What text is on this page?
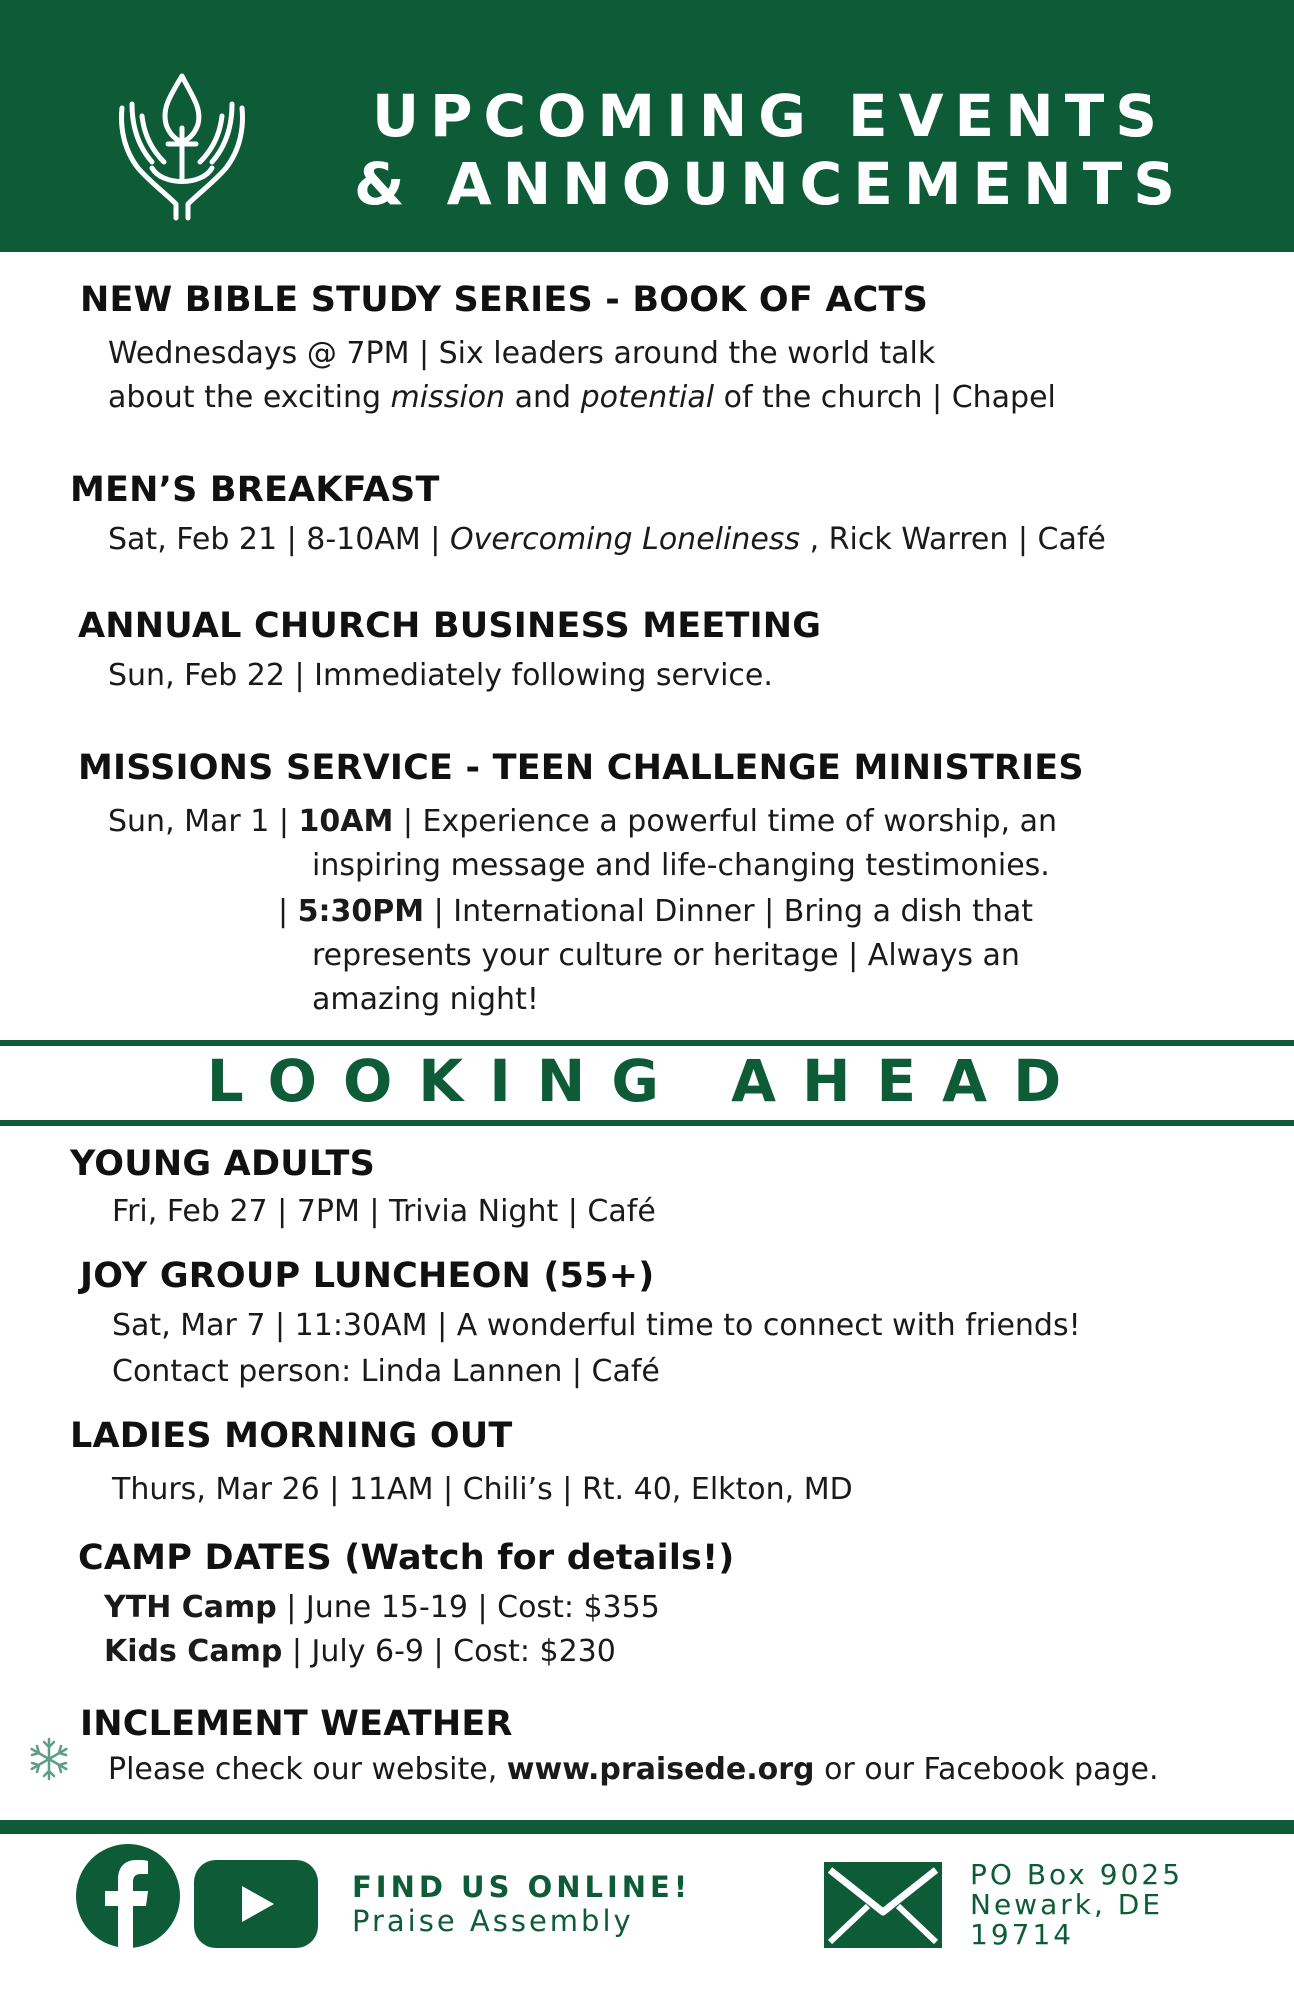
UPCOMING EVENTS
& ANNOUNCEMENTS
NEW BIBLE STUDY SERIES - BOOK OF ACTS
Wednesdays @ 7PM | Six leaders around the world talk
about the exciting mission and potential of the church | Chapel
MEN’S BREAKFAST
Sat, Feb 21 | 8-10AM | Overcoming Loneliness , Rick Warren | Café
ANNUAL CHURCH BUSINESS MEETING
Sun, Feb 22 | Immediately following service.
MISSIONS SERVICE - TEEN CHALLENGE MINISTRIES
Sun, Mar 1 | 10AM | Experience a powerful time of worship, an
inspiring message and life-changing testimonies.
| 5:30PM | International Dinner | Bring a dish that
represents your culture or heritage | Always an
amazing night!
LOOKING AHEAD
YOUNG ADULTS
Fri, Feb 27 | 7PM | Trivia Night | Café
JOY GROUP LUNCHEON (55+)
Sat, Mar 7 | 11:30AM | A wonderful time to connect with friends!
Contact person: Linda Lannen | Café
LADIES MORNING OUT
Thurs, Mar 26 | 11AM | Chili’s | Rt. 40, Elkton, MD
CAMP DATES (Watch for details!)
YTH Camp | June 15-19 | Cost: $355
Kids Camp | July 6-9 | Cost: $230
INCLEMENT WEATHER
Please check our website, www.praisede.org or our Facebook page.
FIND US ONLINE!
Praise Assembly
PO Box 9025
Newark, DE
19714
